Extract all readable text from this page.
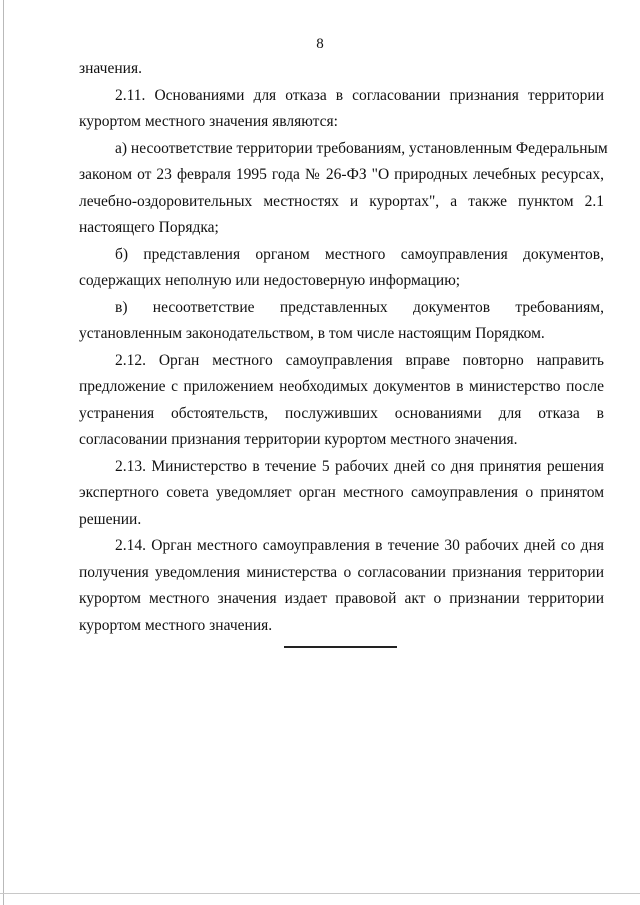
8
значения.
2.11. Основаниями для отказа в согласовании признания территории
курортом местного значения являются:
а) несоответствие территории требованиям, установленным Федеральным
законом от 23 февраля 1995 года № 26-ФЗ "О природных лечебных ресурсах,
лечебно-оздоровительных местностях и курортах", а также пунктом 2.1
настоящего Порядка;
б) представления органом местного самоуправления документов,
содержащих неполную или недостоверную информацию;
в) несоответствие представленных документов требованиям,
установленным законодательством, в том числе настоящим Порядком.
2.12. Орган местного самоуправления вправе повторно направить
предложение с приложением необходимых документов в министерство после
устранения обстоятельств, послуживших основаниями для отказа в
согласовании признания территории курортом местного значения.
2.13. Министерство в течение 5 рабочих дней со дня принятия решения
экспертного совета уведомляет орган местного самоуправления о принятом
решении.
2.14. Орган местного самоуправления в течение 30 рабочих дней со дня
получения уведомления министерства о согласовании признания территории
курортом местного значения издает правовой акт о признании территории
курортом местного значения.
